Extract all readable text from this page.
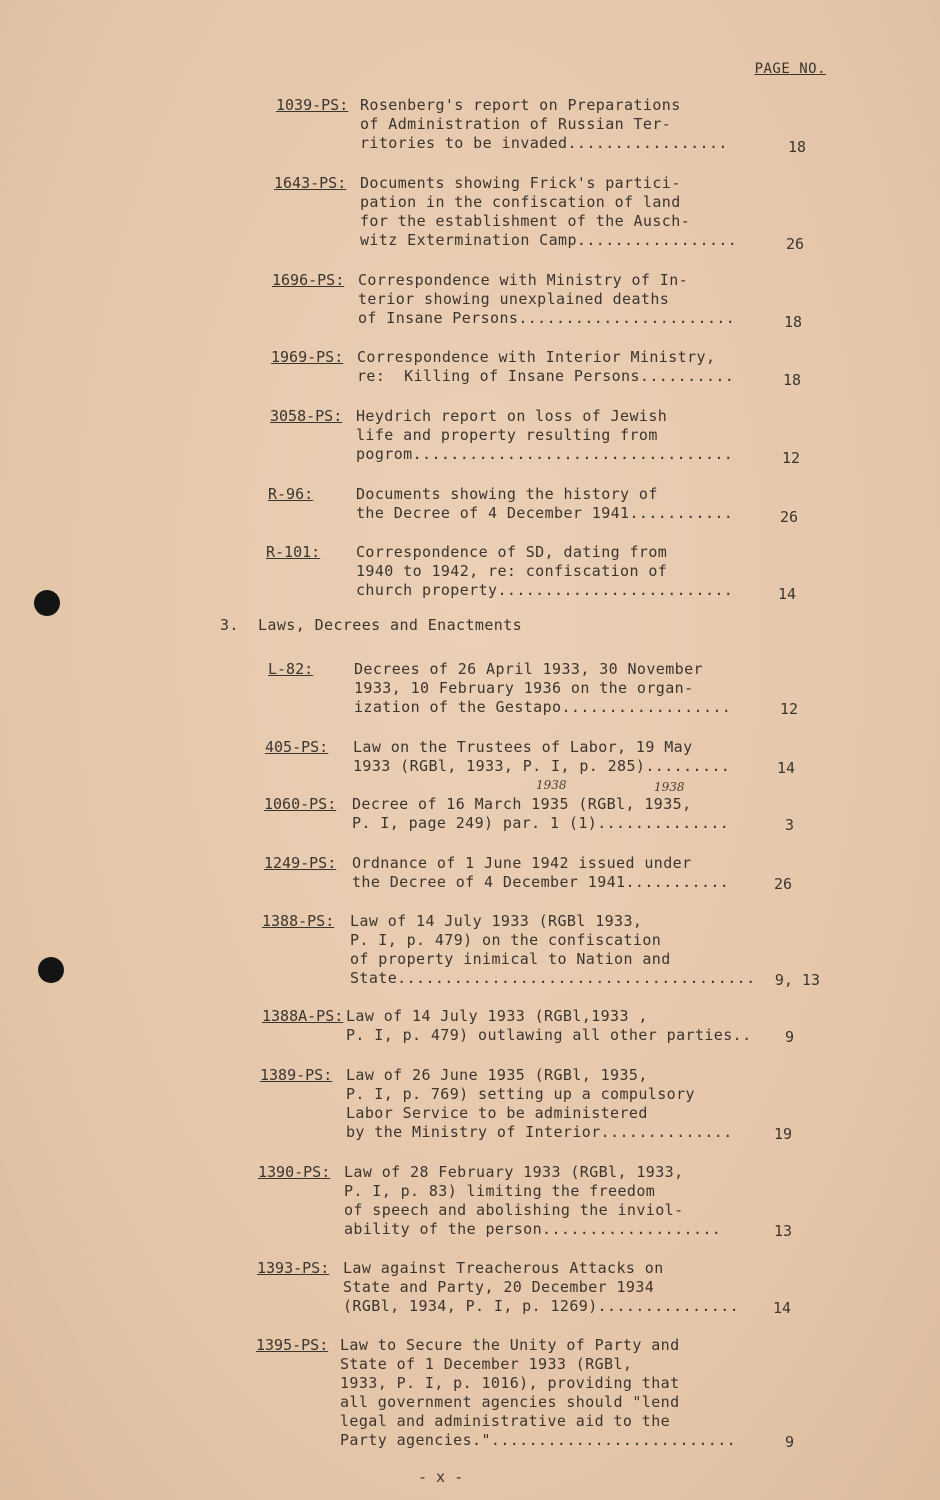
PAGE NO.
1039-PS: Rosenberg's report on Preparations
of Administration of Russian Ter-
ritories to be invaded.................	18
1643-PS: Documents showing Frick's partici-
pation in the confiscation of land
for the establishment of the Ausch-
witz Extermination Camp.................	26
1696-PS: Correspondence with Ministry of In-
terior showing unexplained deaths
of Insane Persons.......................	18
1969-PS: Correspondence with Interior Ministry,
re:  Killing of Insane Persons..........	18
3058-PS: Heydrich report on loss of Jewish
life and property resulting from
pogrom..................................	12
R-96:	Documents showing the history of
the Decree of 4 December 1941...........	26
R-101: Correspondence of SD, dating from
1940 to 1942, re: confiscation of
church property.........................	14
3. Laws, Decrees and Enactments
L-82:	Decrees of 26 April 1933, 30 November
1933, 10 February 1936 on the organ-
ization of the Gestapo..................	12
405-PS: Law on the Trustees of Labor, 19 May
1933 (RGBl, 1933, P. I, p. 285).........	14
1938	1938
1060-PS: Decree of 16 March 1935 (RGBl, 1935,
P. I, page 249) par. 1 (1)..............	3
1249-PS: Ordnance of 1 June 1942 issued under
the Decree of 4 December 1941...........	26
1388-PS: Law of 14 July 1933 (RGBl 1933,
P. I, p. 479) on the confiscation
of property inimical to Nation and
State......................................	9, 13
1388A-PS: Law of 14 July 1933 (RGBl,1933 ,
P. I, p. 479) outlawing all other parties..	9
1389-PS: Law of 26 June 1935 (RGBl, 1935,
P. I, p. 769) setting up a compulsory
Labor Service to be administered
by the Ministry of Interior..............	19
1390-PS: Law of 28 February 1933 (RGBl, 1933,
P. I, p. 83) limiting the freedom
of speech and abolishing the inviol-
ability of the person...................	13
1393-PS: Law against Treacherous Attacks on
State and Party, 20 December 1934
(RGBl, 1934, P. I, p. 1269)...............	14
1395-PS: Law to Secure the Unity of Party and
State of 1 December 1933 (RGBl,
1933, P. I, p. 1016), providing that
all government agencies should "lend
legal and administrative aid to the
Party agencies."..........................	9
- x -
